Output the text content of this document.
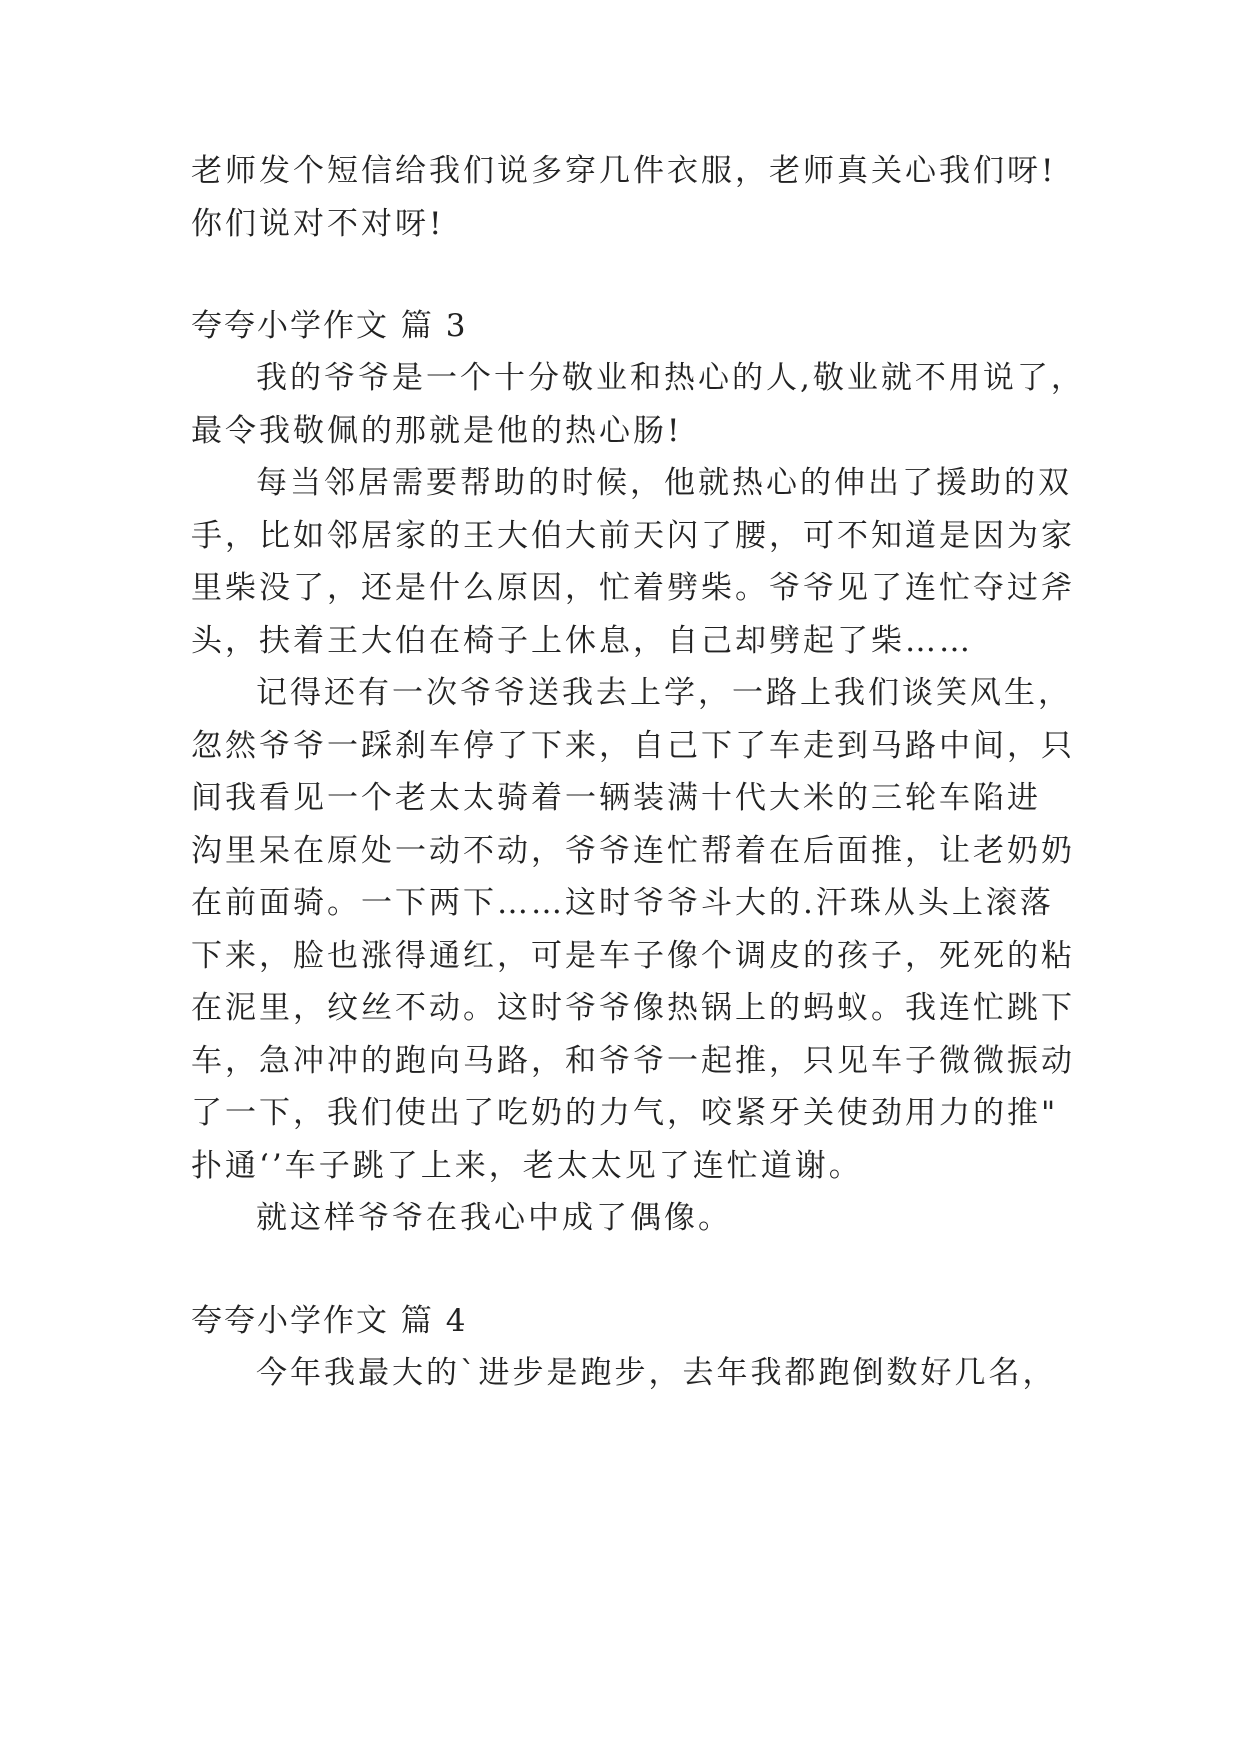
老师发个短信给我们说多穿几件衣服，老师真关心我们呀!
你们说对不对呀!
夸夸小学作文 篇 3
我的爷爷是一个十分敬业和热心的人,敬业就不用说了，
最令我敬佩的那就是他的热心肠!
每当邻居需要帮助的时候，他就热心的伸出了援助的双
手，比如邻居家的王大伯大前天闪了腰，可不知道是因为家
里柴没了，还是什么原因，忙着劈柴。爷爷见了连忙夺过斧
头，扶着王大伯在椅子上休息，自己却劈起了柴……
记得还有一次爷爷送我去上学，一路上我们谈笑风生，
忽然爷爷一踩刹车停了下来，自己下了车走到马路中间，只
间我看见一个老太太骑着一辆装满十代大米的三轮车陷进
沟里呆在原处一动不动，爷爷连忙帮着在后面推，让老奶奶
在前面骑。一下两下……这时爷爷斗大的.汗珠从头上滚落
下来，脸也涨得通红，可是车子像个调皮的孩子，死死的粘
在泥里，纹丝不动。这时爷爷像热锅上的蚂蚁。我连忙跳下
车，急冲冲的跑向马路，和爷爷一起推，只见车子微微振动
了一下，我们使出了吃奶的力气，咬紧牙关使劲用力的推"
扑通‘’车子跳了上来，老太太见了连忙道谢。
就这样爷爷在我心中成了偶像。
夸夸小学作文 篇 4
今年我最大的`进步是跑步，去年我都跑倒数好几名，
